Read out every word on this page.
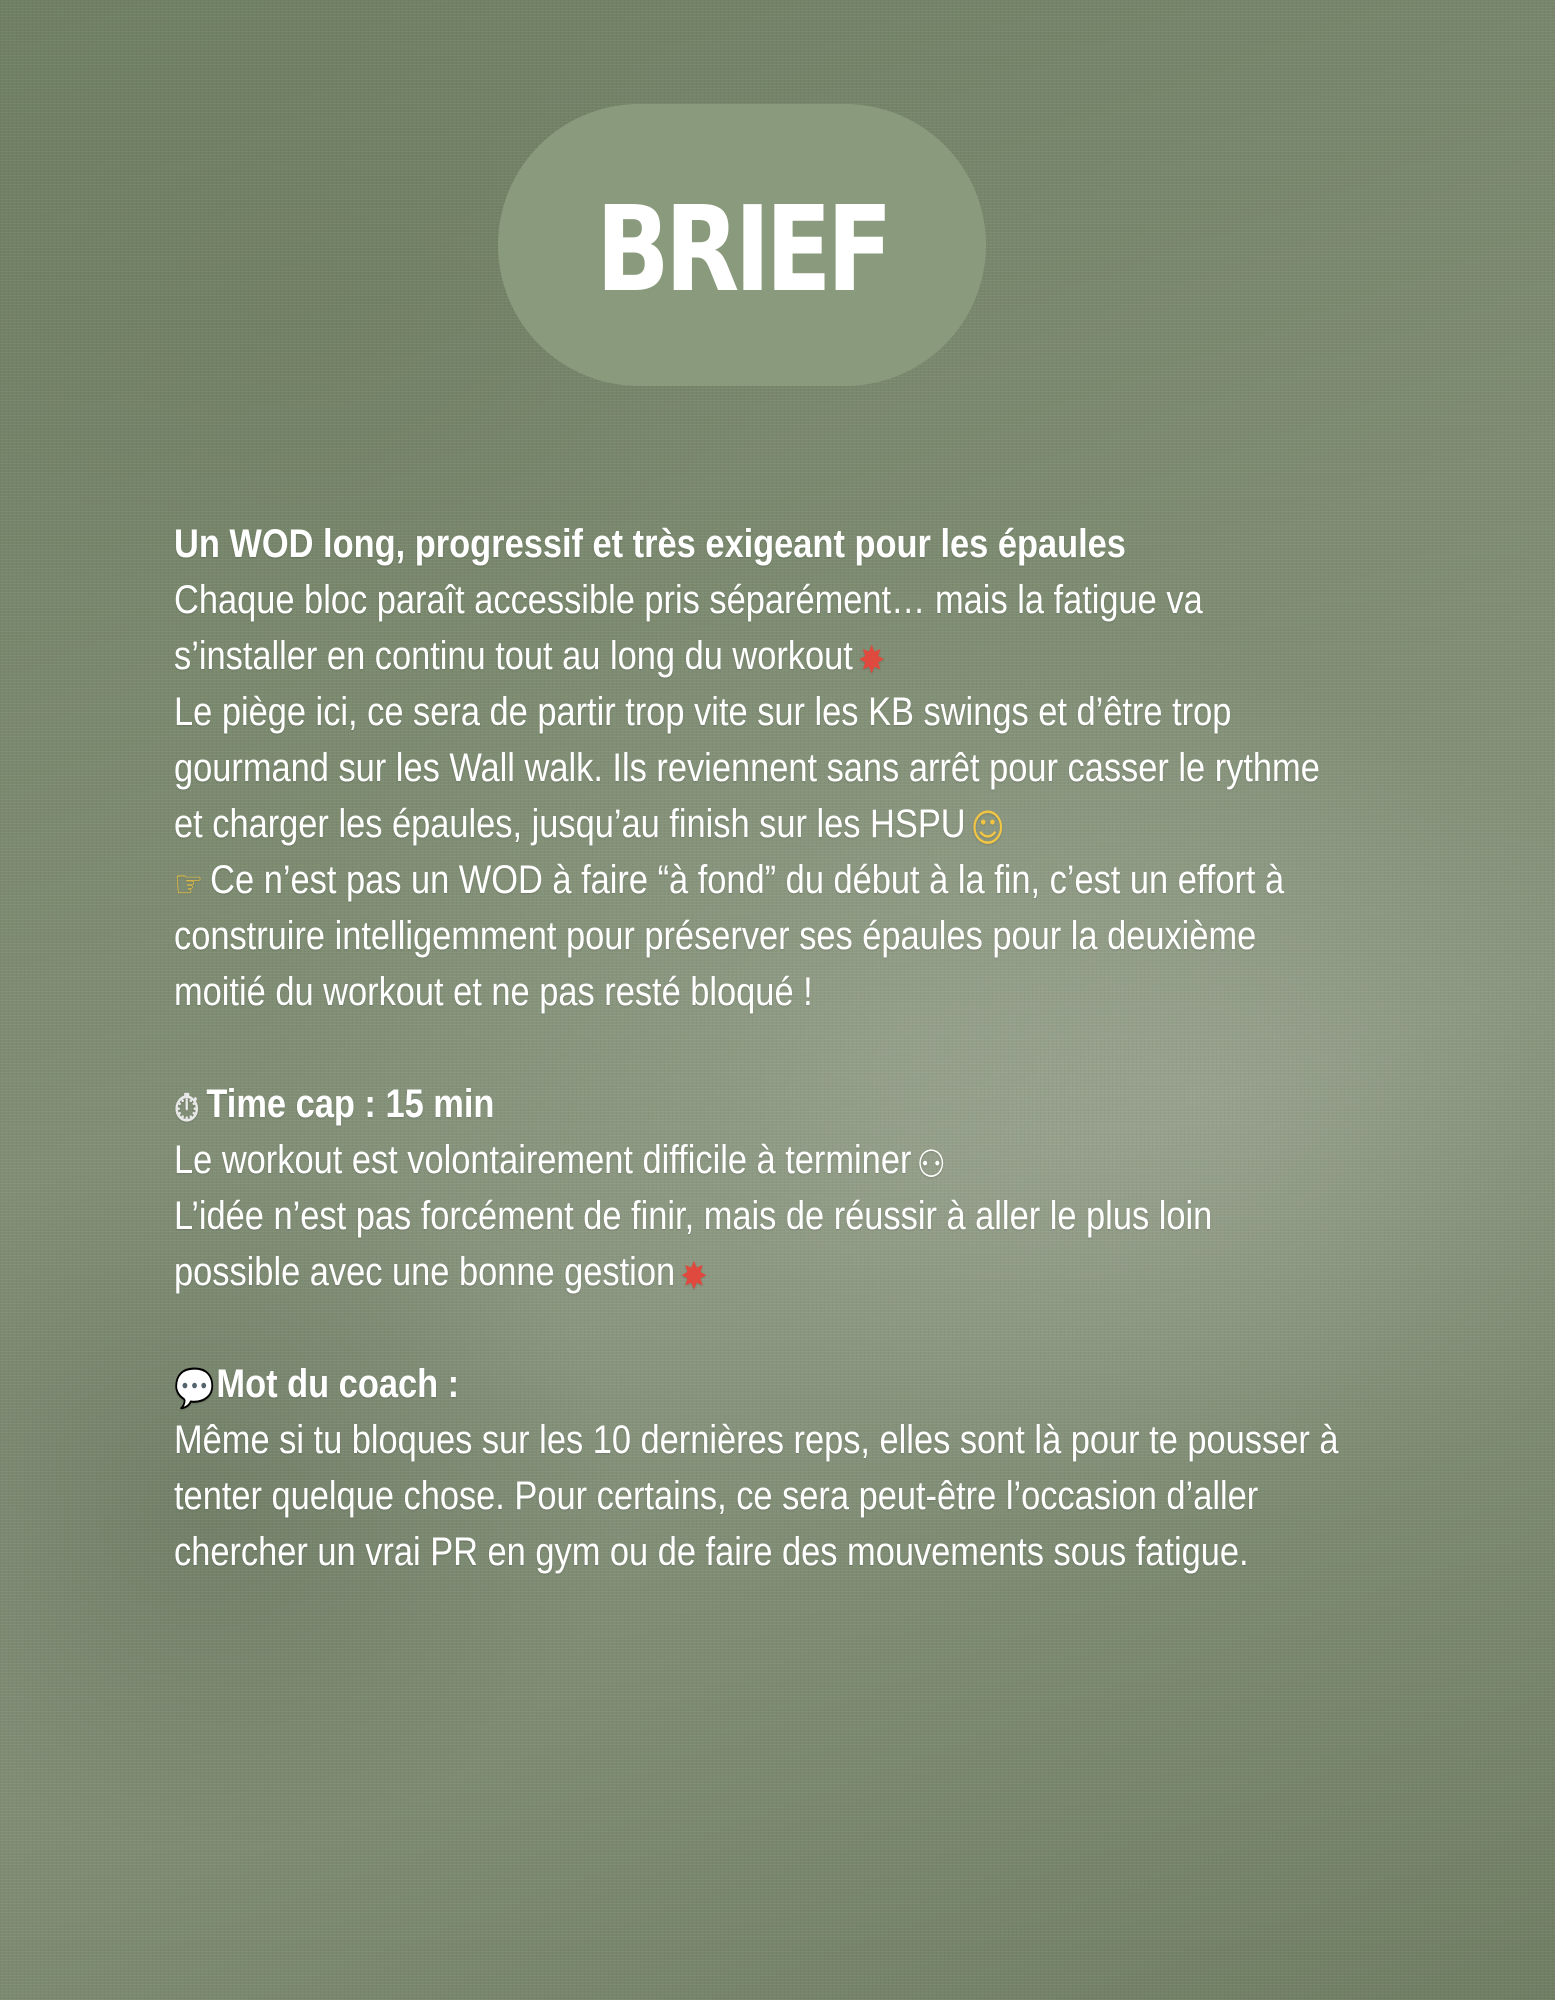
BRIEF
Un WOD long, progressif et très exigeant pour les épaules
Chaque bloc paraît accessible pris séparément… mais la fatigue va
s’installer en continu tout au long du workout ✸
Le piège ici, ce sera de partir trop vite sur les KB swings et d’être trop
gourmand sur les Wall walk. Ils reviennent sans arrêt pour casser le rythme
et charger les épaules, jusqu’au finish sur les HSPU ☺
☞ Ce n’est pas un WOD à faire “à fond” du début à la fin, c’est un effort à
construire intelligemment pour préserver ses épaules pour la deuxième
moitié du workout et ne pas resté bloqué !
⏱ Time cap : 15 min
Le workout est volontairement difficile à terminer ⚇
L’idée n’est pas forcément de finir, mais de réussir à aller le plus loin
possible avec une bonne gestion ✸
💬Mot du coach :
Même si tu bloques sur les 10 dernières reps, elles sont là pour te pousser à
tenter quelque chose. Pour certains, ce sera peut-être l’occasion d’aller
chercher un vrai PR en gym ou de faire des mouvements sous fatigue.
